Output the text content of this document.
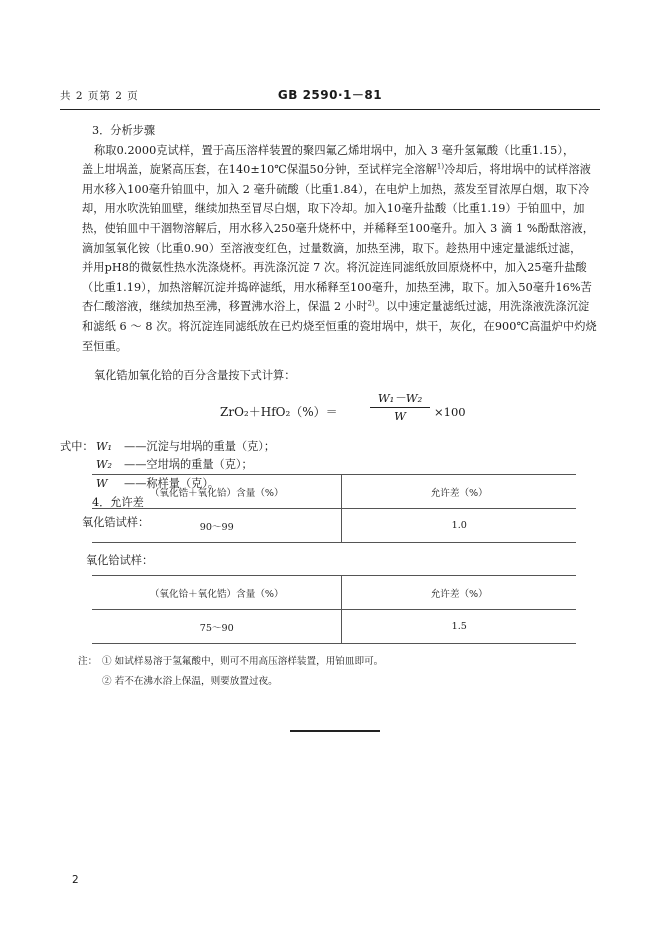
共 2 页第 2 页	GB 2590·1－81

3．分析步骤

称取0.2000克试样，置于高压溶样装置的聚四氟乙烯坩埚中，加入 3 毫升氢氟酸（比重1.15），
盖上坩埚盖，旋紧高压套，在140±10℃保温50分钟，至试样完全溶解$^{1)}$冷却后，将坩埚中的试样溶液
用水移入100毫升铂皿中，加入 2 毫升硫酸（比重1.84），在电炉上加热，蒸发至冒浓厚白烟，取下冷
却，用水吹洗铂皿壁，继续加热至冒尽白烟，取下冷却。加入10毫升盐酸（比重1.19）于铂皿中，加
热，使铂皿中干涸物溶解后，用水移入250毫升烧杯中，并稀释至100毫升。加入 3 滴 1 %酚酞溶液，
滴加氢氧化铵（比重0.90）至溶液变红色，过量数滴，加热至沸，取下。趁热用中速定量滤纸过滤，
并用pH8的微氨性热水洗涤烧杯。再洗涤沉淀 7 次。将沉淀连同滤纸放回原烧杯中，加入25毫升盐酸
（比重1.19），加热溶解沉淀并捣碎滤纸，用水稀释至100毫升，加热至沸，取下。加入50毫升16%苦
杏仁酸溶液，继续加热至沸，移置沸水浴上，保温 2 小时$^{2)}$。以中速定量滤纸过滤，用洗涤液洗涤沉淀
和滤纸 6 ～ 8 次。将沉淀连同滤纸放在已灼烧至恒重的瓷坩埚中，烘干，灰化，在900℃高温炉中灼烧
至恒重。

氧化锆加氧化铪的百分含量按下式计算：

ZrO₂＋HfO₂（%）＝
W₁－W₂
W	×100
式中： W₁ ——沉淀与坩埚的重量（克）；
W₂ ——空坩埚的重量（克）；
W ——称样量（克）。

4．允许差

氧化锆试样：

（氧化锆＋氧化铪）含量（%）	允许差（%）
90～99	1.0
氧化铪试样：
（氧化铪＋氧化锆）含量（%）	允许差（%）
75～90	1.5
注： ① 如试样易溶于氢氟酸中，则可不用高压溶样装置，用铂皿即可。
② 若不在沸水浴上保温，则要放置过夜。
2
